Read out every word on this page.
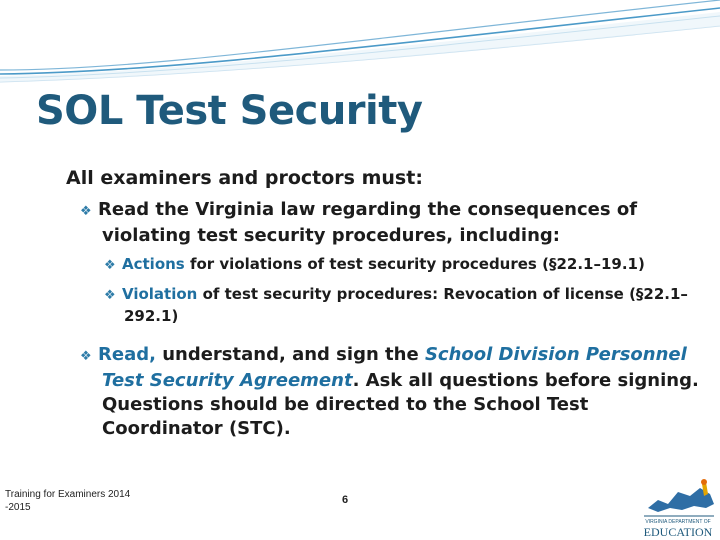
SOL Test Security
All examiners and proctors must:
❖ Read the Virginia law regarding the consequences of violating test security procedures, including:
❖ Actions for violations of test security procedures (§22.1–19.1)
❖ Violation of test security procedures: Revocation of license (§22.1–292.1)
❖ Read, understand, and sign the School Division Personnel Test Security Agreement. Ask all questions before signing. Questions should be directed to the School Test Coordinator (STC).
Training for Examiners 2014
-2015
6
VIRGINIA DEPARTMENT OF
EDUCATION
